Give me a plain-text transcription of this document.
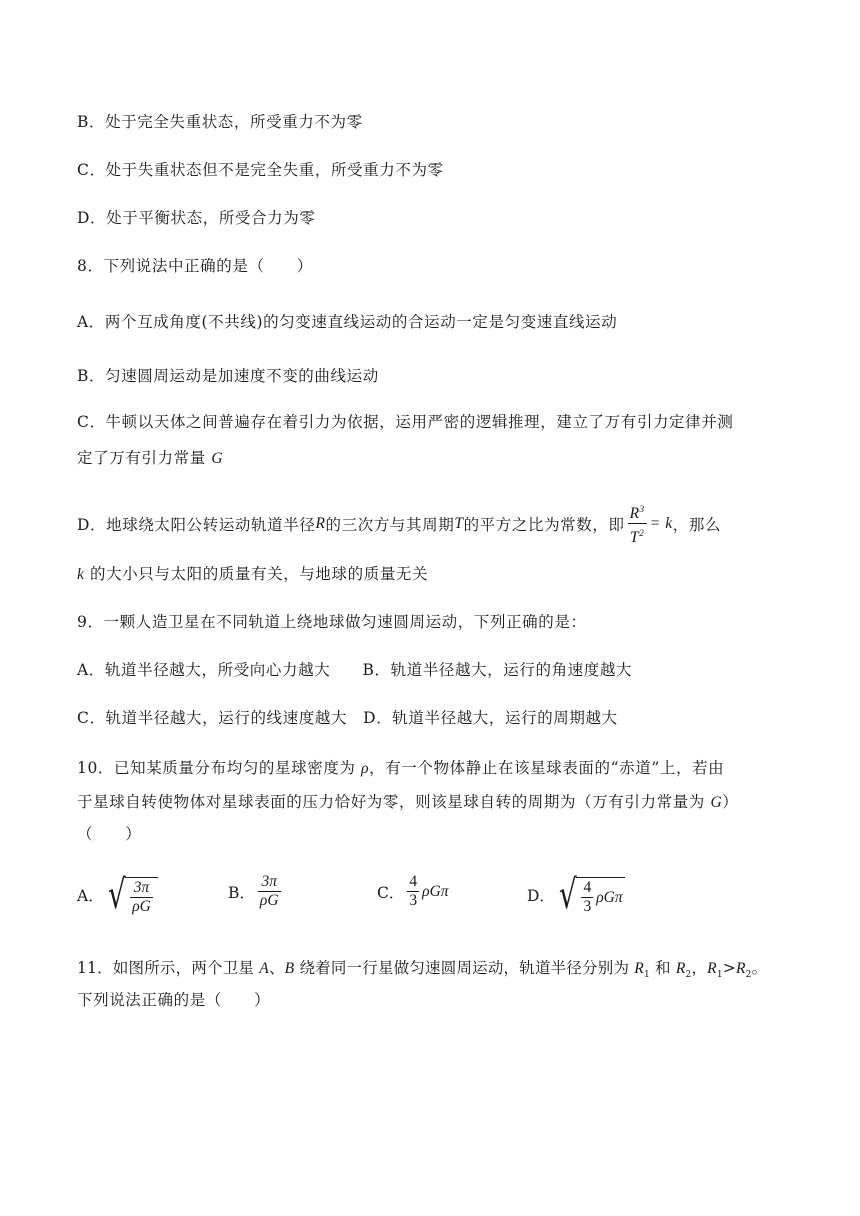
B．处于完全失重状态，所受重力不为零
C．处于失重状态但不是完全失重，所受重力不为零
D．处于平衡状态，所受合力为零
8．下列说法中正确的是（　　）
A．两个互成角度(不共线)的匀变速直线运动的合运动一定是匀变速直线运动
B．匀速圆周运动是加速度不变的曲线运动
C．牛顿以天体之间普遍存在着引力为依据，运用严密的逻辑推理，建立了万有引力定律并测
定了万有引力常量 G
D．地球绕太阳公转运动轨道半径 R 的三次方与其周期 T 的平方之比为常数，即 $\frac{R^3}{T^2} = k$ ，那么
k 的大小只与太阳的质量有关，与地球的质量无关
9．一颗人造卫星在不同轨道上绕地球做匀速圆周运动，下列正确的是：
A．轨道半径越大，所受向心力越大　　B．轨道半径越大，运行的角速度越大
C．轨道半径越大，运行的线速度越大　D．轨道半径越大，运行的周期越大
10．已知某质量分布均匀的星球密度为 ρ，有一个物体静止在该星球表面的“赤道”上，若由
于星球自转使物体对星球表面的压力恰好为零，则该星球自转的周期为（万有引力常量为 G）
（　　）
A． √ $\frac{3\pi}{\rho G}$	B． $\frac{3\pi}{\rho G}$	C． $\frac{4}{3}$ ρGπ	D． √ $\frac{4}{3}$ ρGπ
11．如图所示，两个卫星 A、B 绕着同一行星做匀速圆周运动，轨道半径分别为 $R_1$ 和 $R_2$，$R_1>R_2$。
下列说法正确的是（　　）
